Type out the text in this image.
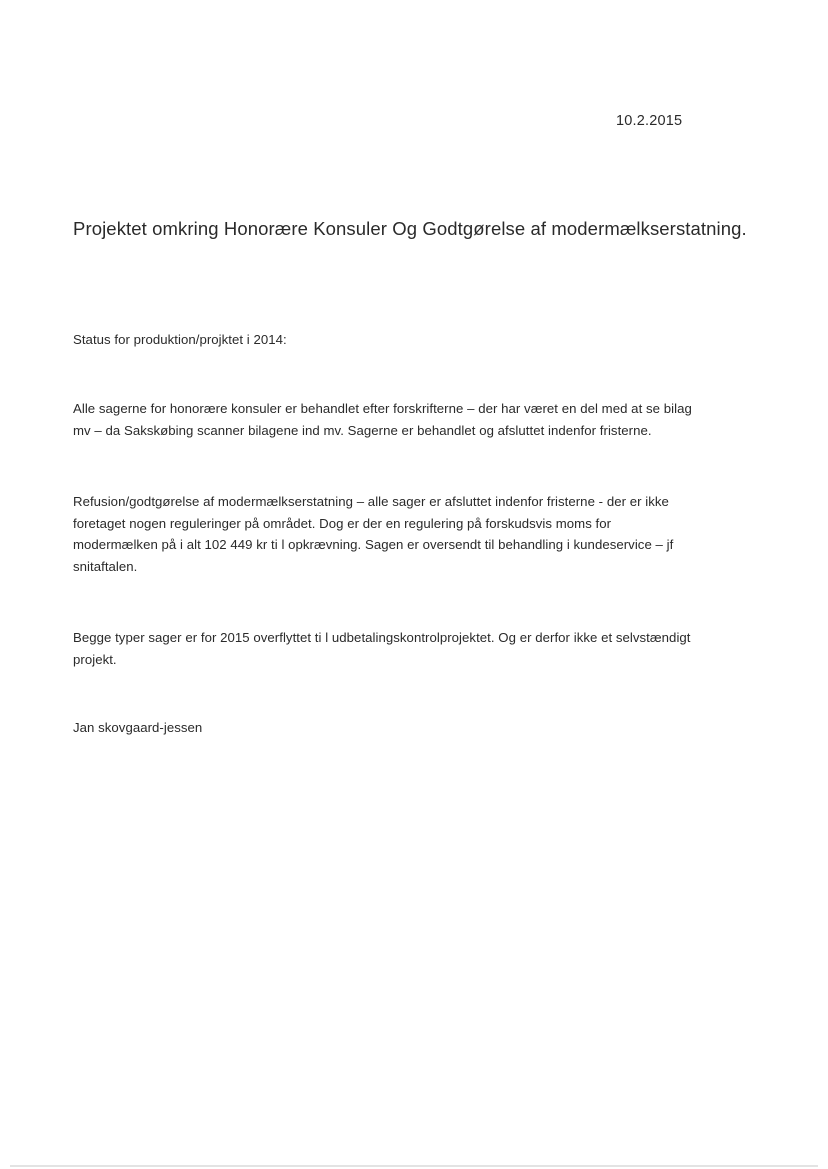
10.2.2015
Projektet omkring Honorære Konsuler Og Godtgørelse af modermælkserstatning.
Status for produktion/projktet i 2014:
Alle sagerne for honorære konsuler er behandlet efter forskrifterne – der har været en del med at se bilag
mv – da Sakskøbing scanner bilagene ind mv. Sagerne er behandlet og afsluttet indenfor fristerne.
Refusion/godtgørelse af modermælkserstatning – alle sager er afsluttet indenfor fristerne - der er ikke
foretaget nogen reguleringer på området. Dog er der en regulering på forskudsvis moms for
modermælken på i alt 102 449 kr ti l opkrævning. Sagen er oversendt til behandling i kundeservice – jf
snitaftalen.
Begge typer sager er for 2015 overflyttet ti l udbetalingskontrolprojektet. Og er derfor ikke et selvstændigt
projekt.
Jan skovgaard-jessen
